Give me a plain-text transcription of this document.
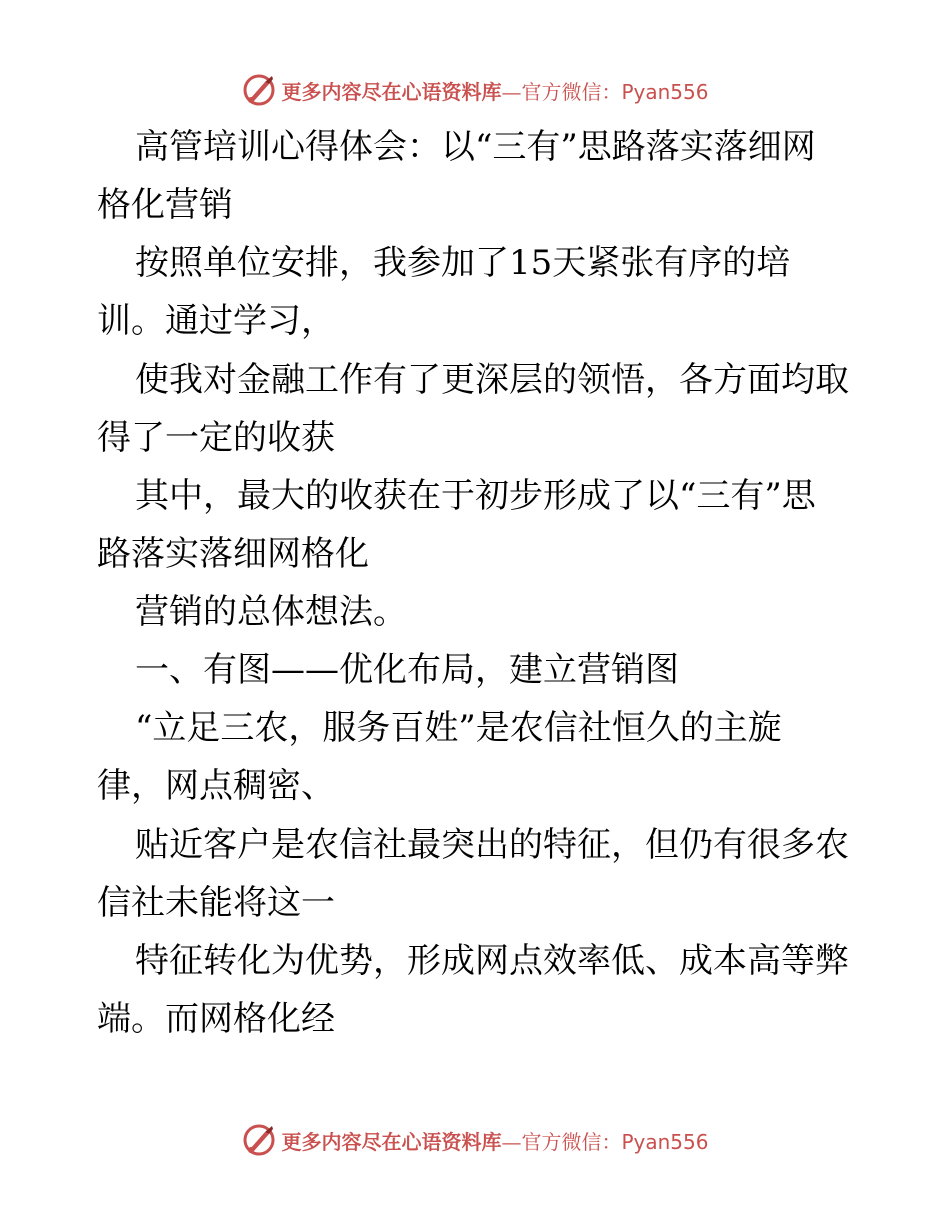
更多内容尽在心语资料库—官方微信：Pyan556
高管培训心得体会：以“三有”思路落实落细网
格化营销
按照单位安排，我参加了15天紧张有序的培
训。通过学习，
使我对金融工作有了更深层的领悟，各方面均取
得了一定的收获
其中，最大的收获在于初步形成了以“三有”思
路落实落细网格化
营销的总体想法。
一、有图——优化布局，建立营销图
“立足三农，服务百姓”是农信社恒久的主旋
律，网点稠密、
贴近客户是农信社最突出的特征，但仍有很多农
信社未能将这一
特征转化为优势，形成网点效率低、成本高等弊
端。而网格化经
更多内容尽在心语资料库—官方微信：Pyan556
